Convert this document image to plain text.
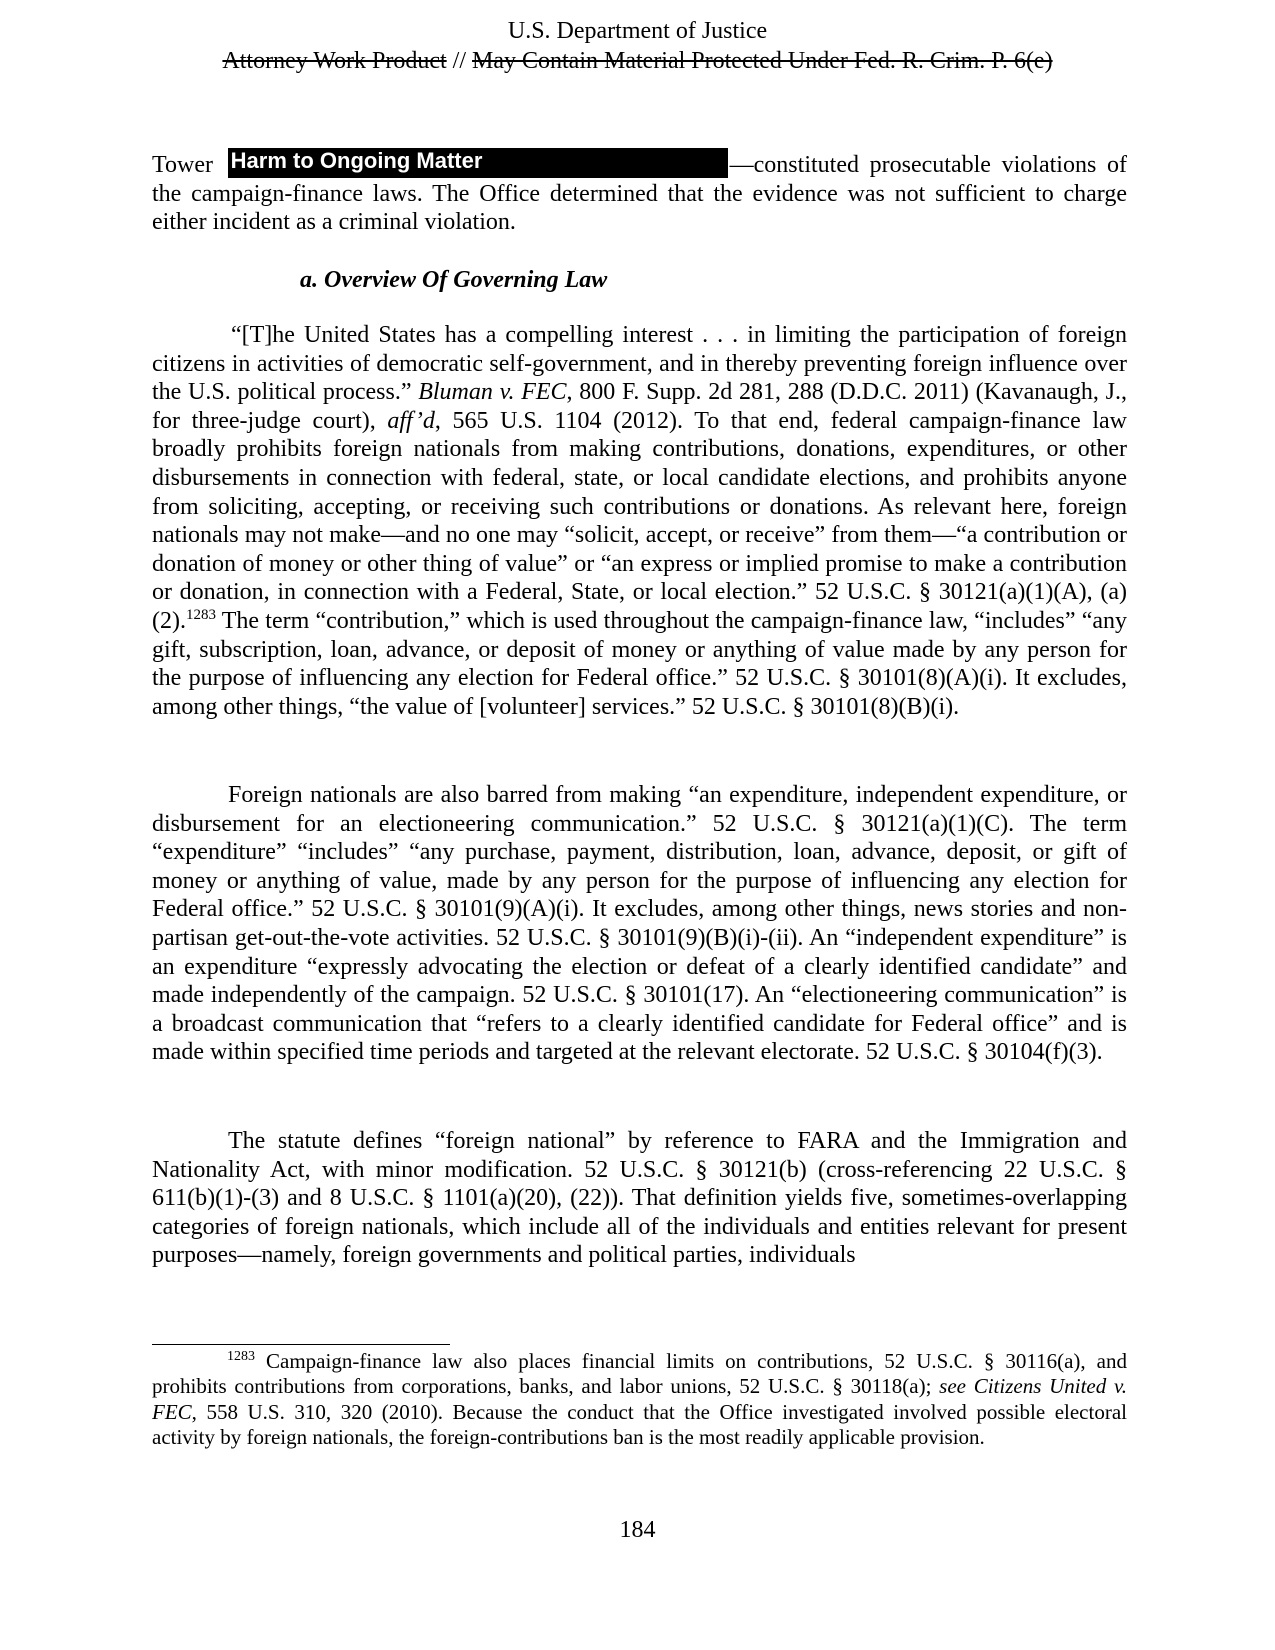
U.S. Department of Justice
Attorney Work Product // May Contain Material Protected Under Fed. R. Crim. P. 6(e)
Tower Harm to Ongoing Matter	—constituted prosecutable violations of the campaign-finance laws. The Office determined that the evidence was not sufficient to charge either incident as a criminal violation.
a. Overview Of Governing Law
“[T]he United States has a compelling interest . . . in limiting the participation of foreign citizens in activities of democratic self-government, and in thereby preventing foreign influence over the U.S. political process.” Bluman v. FEC, 800 F. Supp. 2d 281, 288 (D.D.C. 2011) (Kavanaugh, J., for three-judge court), aff’d, 565 U.S. 1104 (2012). To that end, federal campaign-finance law broadly prohibits foreign nationals from making contributions, donations, expenditures, or other disbursements in connection with federal, state, or local candidate elections, and prohibits anyone from soliciting, accepting, or receiving such contributions or donations. As relevant here, foreign nationals may not make—and no one may “solicit, accept, or receive” from them—“a contribution or donation of money or other thing of value” or “an express or implied promise to make a contribution or donation, in connection with a Federal, State, or local election.” 52 U.S.C. § 30121(a)(1)(A), (a)(2).$^{1283}$ The term “contribution,” which is used throughout the campaign-finance law, “includes” “any gift, subscription, loan, advance, or deposit of money or anything of value made by any person for the purpose of influencing any election for Federal office.” 52 U.S.C. § 30101(8)(A)(i). It excludes, among other things, “the value of [volunteer] services.” 52 U.S.C. § 30101(8)(B)(i).
Foreign nationals are also barred from making “an expenditure, independent expenditure, or disbursement for an electioneering communication.” 52 U.S.C. § 30121(a)(1)(C). The term “expenditure” “includes” “any purchase, payment, distribution, loan, advance, deposit, or gift of money or anything of value, made by any person for the purpose of influencing any election for Federal office.” 52 U.S.C. § 30101(9)(A)(i). It excludes, among other things, news stories and non-partisan get-out-the-vote activities. 52 U.S.C. § 30101(9)(B)(i)-(ii). An “independent expenditure” is an expenditure “expressly advocating the election or defeat of a clearly identified candidate” and made independently of the campaign. 52 U.S.C. § 30101(17). An “electioneering communication” is a broadcast communication that “refers to a clearly identified candidate for Federal office” and is made within specified time periods and targeted at the relevant electorate. 52 U.S.C. § 30104(f)(3).
The statute defines “foreign national” by reference to FARA and the Immigration and Nationality Act, with minor modification. 52 U.S.C. § 30121(b) (cross-referencing 22 U.S.C. § 611(b)(1)-(3) and 8 U.S.C. § 1101(a)(20), (22)). That definition yields five, sometimes-overlapping categories of foreign nationals, which include all of the individuals and entities relevant for present purposes—namely, foreign governments and political parties, individuals
$^{1283}$ Campaign-finance law also places financial limits on contributions, 52 U.S.C. § 30116(a), and prohibits contributions from corporations, banks, and labor unions, 52 U.S.C. § 30118(a); see Citizens United v. FEC, 558 U.S. 310, 320 (2010). Because the conduct that the Office investigated involved possible electoral activity by foreign nationals, the foreign-contributions ban is the most readily applicable provision.
184
